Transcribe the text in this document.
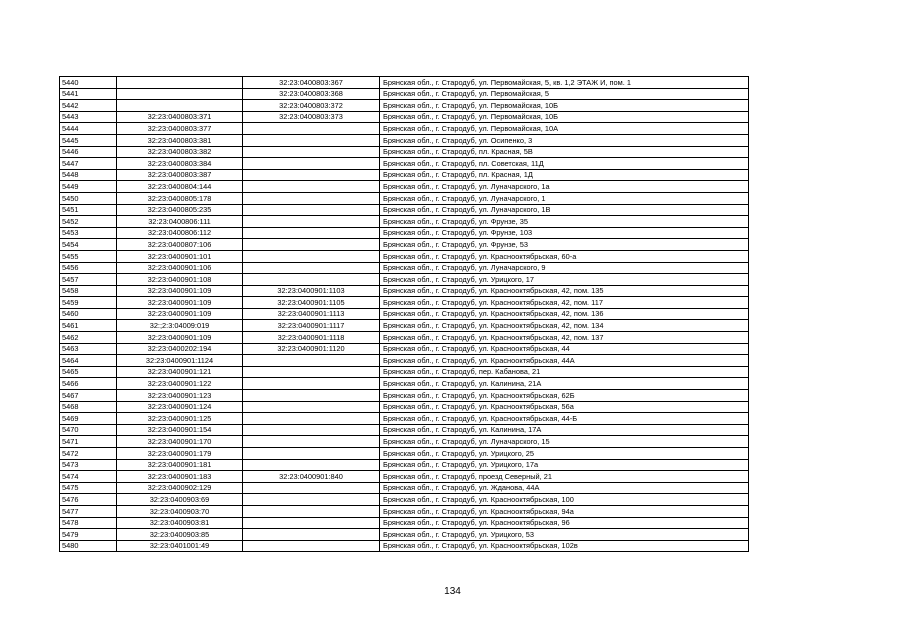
5440		32:23:0400803:367	Брянская обл., г. Стародуб, ул. Первомайская, 5, кв. 1,2 ЭТАЖ И, пом. 1
5441		32:23:0400803:368	Брянская обл., г. Стародуб, ул. Первомайская, 5
5442		32:23:0400803:372	Брянская обл., г. Стародуб, ул. Первомайская, 10Б
5443	32:23:0400803:371	32:23:0400803:373	Брянская обл., г. Стародуб, ул. Первомайская, 10Б
5444	32:23:0400803:377		Брянская обл., г. Стародуб, ул. Первомайская, 10А
5445	32:23:0400803:381		Брянская обл., г. Стародуб, ул. Осипенко, 3
5446	32:23:0400803:382		Брянская обл., г. Стародуб, пл. Красная, 5В
5447	32:23:0400803:384		Брянская обл., г. Стародуб, пл. Советская, 11Д
5448	32:23:0400803:387		Брянская обл., г. Стародуб, пл. Красная, 1Д
5449	32:23:0400804:144		Брянская обл., г. Стародуб, ул. Луначарского, 1а
5450	32:23:0400805:178		Брянская обл., г. Стародуб, ул. Луначарского, 1
5451	32:23:0400805:235		Брянская обл., г. Стародуб, ул. Луначарского, 1В
5452	32:23:0400806:111		Брянская обл., г. Стародуб, ул. Фрунзе, 35
5453	32:23:0400806:112		Брянская обл., г. Стародуб, ул. Фрунзе, 103
5454	32:23:0400807:106		Брянская обл., г. Стародуб, ул. Фрунзе, 53
5455	32:23:0400901:101		Брянская обл., г. Стародуб, ул. Краснооктябрьская, 60-а
5456	32:23:0400901:106		Брянская обл., г. Стародуб, ул. Луначарского, 9
5457	32:23:0400901:108		Брянская обл., г. Стародуб, ул. Урицкого, 17
5458	32:23:0400901:109	32:23:0400901:1103	Брянская обл., г. Стародуб, ул. Краснооктябрьская, 42, пом. 135
5459	32:23:0400901:109	32:23:0400901:1105	Брянская обл., г. Стародуб, ул. Краснооктябрьская, 42, пом. 117
5460	32:23:0400901:109	32:23:0400901:1113	Брянская обл., г. Стародуб, ул. Краснооктябрьская, 42, пом. 136
5461	32:;2:3:04009:019	32:23:0400901:1117	Брянская обл., г. Стародуб, ул. Краснооктябрьская, 42, пом. 134
5462	32:23:0400901:109	32:23:0400901:1118	Брянская обл., г. Стародуб, ул. Краснооктябрьская, 42, пом. 137
5463	32:23:0400202:194	32:23:0400901:1120	Брянская обл., г. Стародуб, ул. Краснооктябрьская, 44
5464	32:23:0400901:1124		Брянская обл., г. Стародуб, ул. Краснооктябрьская, 44А
5465	32:23:0400901:121		Брянская обл., г. Стародуб, пер. Кабанова, 21
5466	32:23:0400901:122		Брянская обл., г. Стародуб, ул. Калинина, 21А
5467	32:23:0400901:123		Брянская обл., г. Стародуб, ул. Краснооктябрьская, 62Б
5468	32:23:0400901:124		Брянская обл., г. Стародуб, ул. Краснооктябрьская, 56а
5469	32:23:0400901:125		Брянская обл., г. Стародуб, ул. Краснооктябрьская, 44-Б
5470	32:23:0400901:154		Брянская обл., г. Стародуб, ул. Калинина, 17А
5471	32:23:0400901:170		Брянская обл., г. Стародуб, ул. Луначарского, 15
5472	32:23:0400901:179		Брянская обл., г. Стародуб, ул. Урицкого, 25
5473	32:23:0400901:181		Брянская обл., г. Стародуб, ул. Урицкого, 17а
5474	32:23:0400901:183	32:23:0400901:840	Брянская обл., г. Стародуб, проезд Северный, 21
5475	32:23:0400902:129		Брянская обл., г. Стародуб, ул. Жданова, 44А
5476	32:23:0400903:69		Брянская обл., г. Стародуб, ул. Краснооктябрьская, 100
5477	32:23:0400903:70		Брянская обл., г. Стародуб, ул. Краснооктябрьская, 94а
5478	32:23:0400903:81		Брянская обл., г. Стародуб, ул. Краснооктябрьская, 96
5479	32:23:0400903:85		Брянская обл., г. Стародуб, ул. Урицкого, 53
5480	32:23:0401001:49		Брянская обл., г. Стародуб, ул. Краснооктябрьская, 102в
134
